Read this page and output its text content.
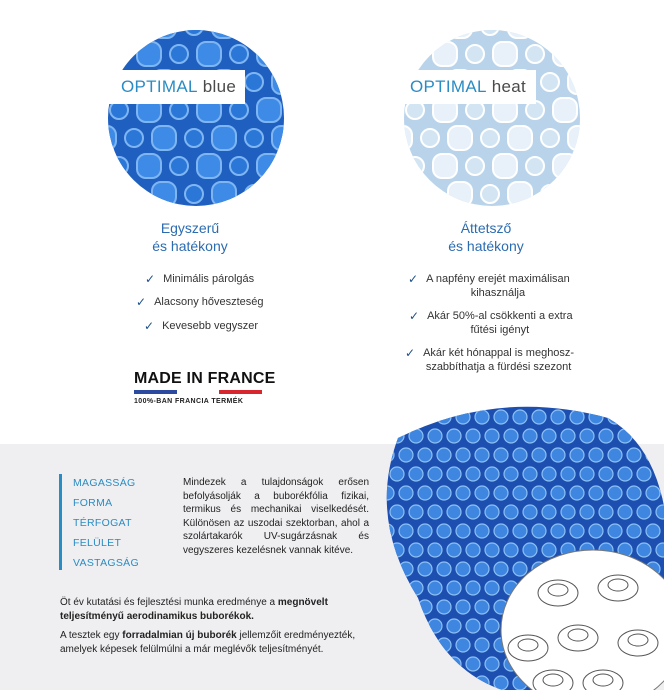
OPTIMAL blue	OPTIMAL heat
Egyszerű
és hatékony
Áttetsző
és hatékony
✓ Minimális párolgás
✓ Alacsony hőveszteség
✓ Kevesebb vegyszer
✓ A napfény erejét maximálisan
kihasználja
✓ Akár 50%-al csökkenti a extra
fűtési igényt
✓ Akár két hónappal is meghosz-
szabbíthatja a fürdési szezont
MADE IN FRANCE
100%-BAN FRANCIA TERMÉK
MAGASSÁG
FORMA
TÉRFOGAT
FELÜLET
VASTAGSÁG
Mindezek a tulajdonságok erősen befolyásolják a buborékfólia fizikai, termikus és mechanikai viselkedését. Különösen az uszodai szektorban, ahol a szolártakarók UV-sugárzásnak és vegyszeres kezelésnek vannak kitéve.
Öt év kutatási és fejlesztési munka eredménye a megnövelt teljesítményű aerodinamikus buborékok.
A tesztek egy forradalmian új buborék jellemzőit eredményezték, amelyek képesek felülmúlni a már meglévők teljesítményét.
